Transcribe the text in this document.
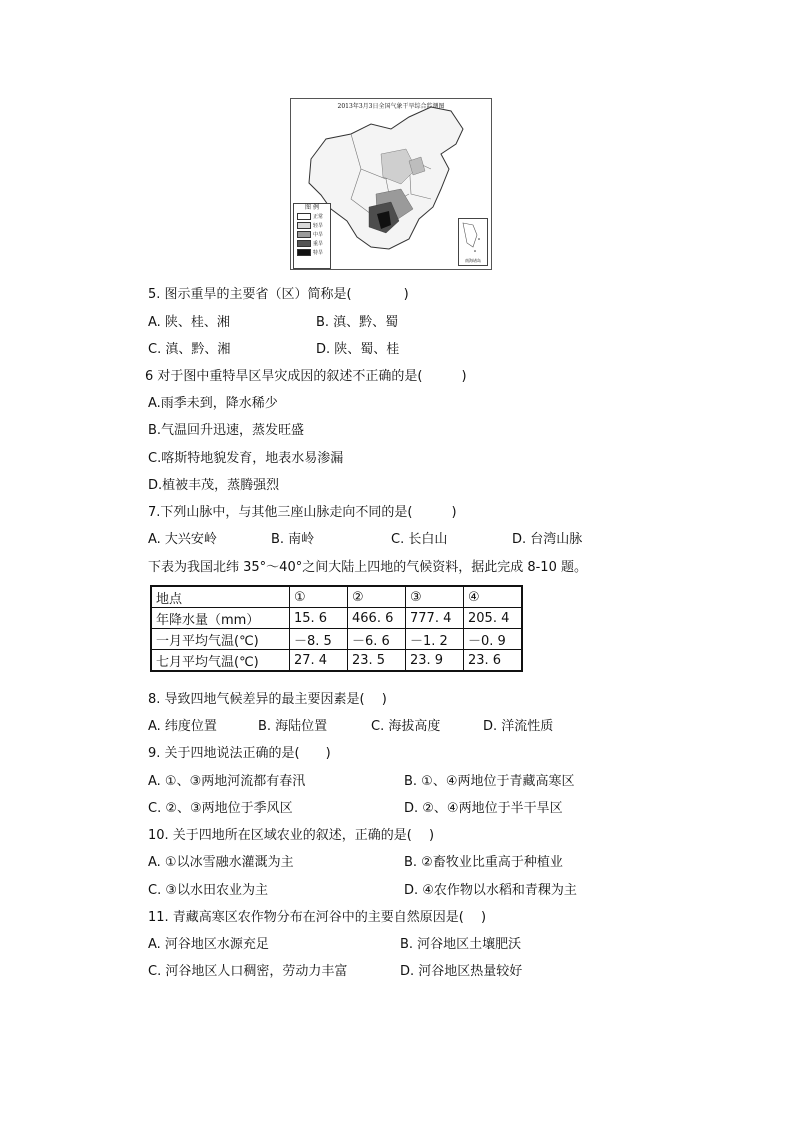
2013年3月3日全国气象干旱综合监测图
图 例
正常
轻旱
中旱
重旱
特旱
南海诸岛
5. 图示重旱的主要省（区）简称是(　　　　)
A. 陕、桂、湘	B. 滇、黔、蜀
C. 滇、黔、湘	D. 陕、蜀、桂
6 对于图中重特旱区旱灾成因的叙述不正确的是(　　　)
A.雨季未到，降水稀少
B.气温回升迅速，蒸发旺盛
C.喀斯特地貌发育，地表水易渗漏
D.植被丰茂，蒸腾强烈
7.下列山脉中，与其他三座山脉走向不同的是(　　　)
A. 大兴安岭	B. 南岭	C. 长白山	D. 台湾山脉
下表为我国北纬 35°～40°之间大陆上四地的气候资料，据此完成 8-10 题。
地点	①	②	③	④
年降水量（mm）	15. 6	466. 6	777. 4	205. 4
一月平均气温(℃)	－8. 5	－6. 6	－1. 2	－0. 9
七月平均气温(℃)	27. 4	23. 5	23. 9	23. 6
8. 导致四地气候差异的最主要因素是(　 )
A. 纬度位置	B. 海陆位置	C. 海拔高度	D. 洋流性质
9. 关于四地说法正确的是(　　)
A. ①、③两地河流都有春汛	B. ①、④两地位于青藏高寒区
C. ②、③两地位于季风区	D. ②、④两地位于半干旱区
10. 关于四地所在区域农业的叙述，正确的是(　 )
A. ①以冰雪融水灌溉为主	B. ②畜牧业比重高于种植业
C. ③以水田农业为主	D. ④农作物以水稻和青稞为主
11. 青藏高寒区农作物分布在河谷中的主要自然原因是(　 )
A. 河谷地区水源充足	B. 河谷地区土壤肥沃
C. 河谷地区人口稠密，劳动力丰富	D. 河谷地区热量较好
